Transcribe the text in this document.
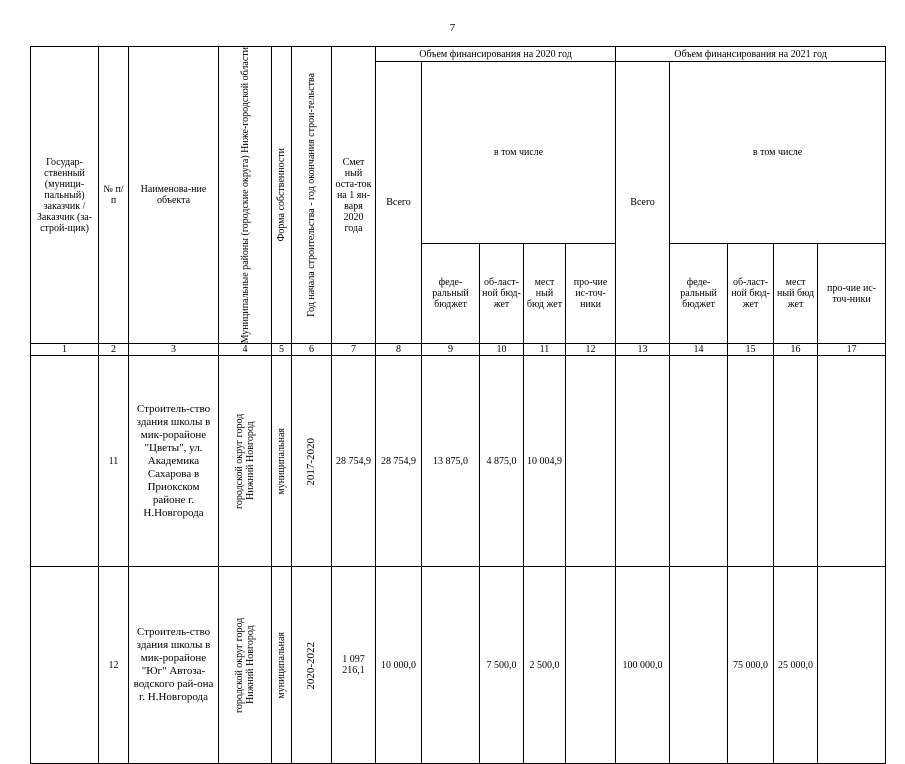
7
Государ-ственный (муници-пальный) заказчик / Заказчик (за-строй-щик)	№ п/п	Наименова-ние объекта	Муниципальные районы (городские округа) Ниже-городской области	Форма собственности	Год начала строительства - год окончания строи-тельства	Смет ный оста-ток на 1 ян-варя 2020 года	Объем финансирования на 2020 год					Объем финансирования на 2021 год				
							Всего	в том числе				Всего	в том числе			
								феде-ральный бюджет	об-ласт-ной бюд-жет	мест ный бюд жет	про-чие ис-точ-ники		феде-ральный бюджет	об-ласт-ной бюд-жет	мест ный бюд жет	про-чие ис-точ-ники
1	2	3	4	5	6	7	8	9	10	11	12	13	14	15	16	17
	11	Строитель-ство здания школы в мик-рорайоне "Цветы", ул. Академика Сахарова в Приокском районе г. Н.Новгорода	городской округ город Нижний Новгород	муниципальная	2017-2020	28 754,9	28 754,9	13 875,0	4 875,0	10 004,9						
	12	Строитель-ство здания школы в мик-рорайоне "Юг" Автоза-водского рай-она г. Н.Новгорода	городской округ город Нижний Новгород	муниципальная	2020-2022	1 097 216,1	10 000,0		7 500,0	2 500,0		100 000,0		75 000,0	25 000,0	
